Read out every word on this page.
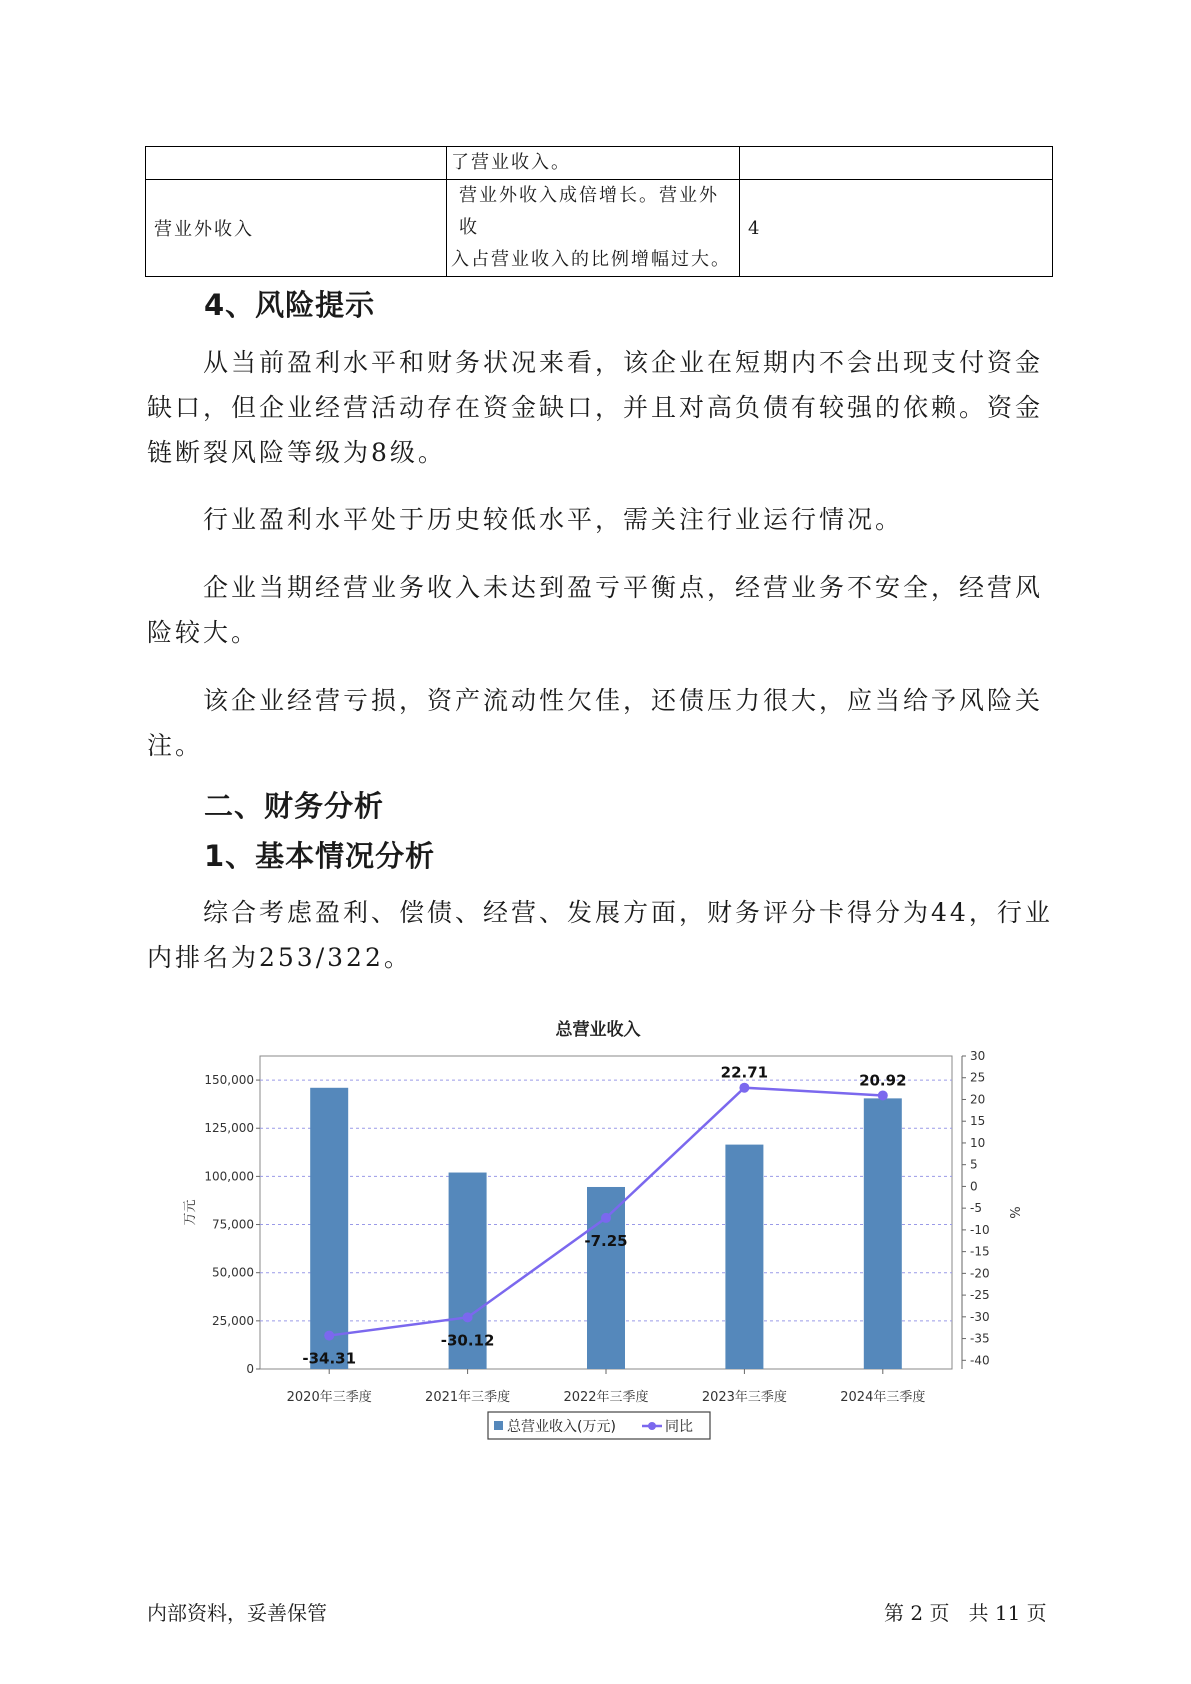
	了营业收入。	
营业外收入	营业外收入成倍增长。营业外收
入占营业收入的比例增幅过大。	4
4、风险提示

从当前盈利水平和财务状况来看，该企业在短期内不会出现支付资金缺口，但企业经营活动存在资金缺口，并且对高负债有较强的依赖。资金链断裂风险等级为8级。

行业盈利水平处于历史较低水平，需关注行业运行情况。

企业当期经营业务收入未达到盈亏平衡点，经营业务不安全，经营风险较大。

该企业经营亏损，资产流动性欠佳，还债压力很大，应当给予风险关注。

二、财务分析
1、基本情况分析

综合考虑盈利、偿债、经营、发展方面，财务评分卡得分为44，行业内排名为253/322。

总营业收入
0
25,000
50,000
75,000
100,000
125,000
150,000
30
25
20
15
10
5
0
-5
-10
-15
-20
-25
-30
-35
-40
万元	%
2020年三季度	2021年三季度	2022年三季度	2023年三季度	2024年三季度
-34.31
-30.12
-7.25
22.71	20.92
总营业收入(万元)	同比
内部资料，妥善保管	第 2 页   共 11 页
